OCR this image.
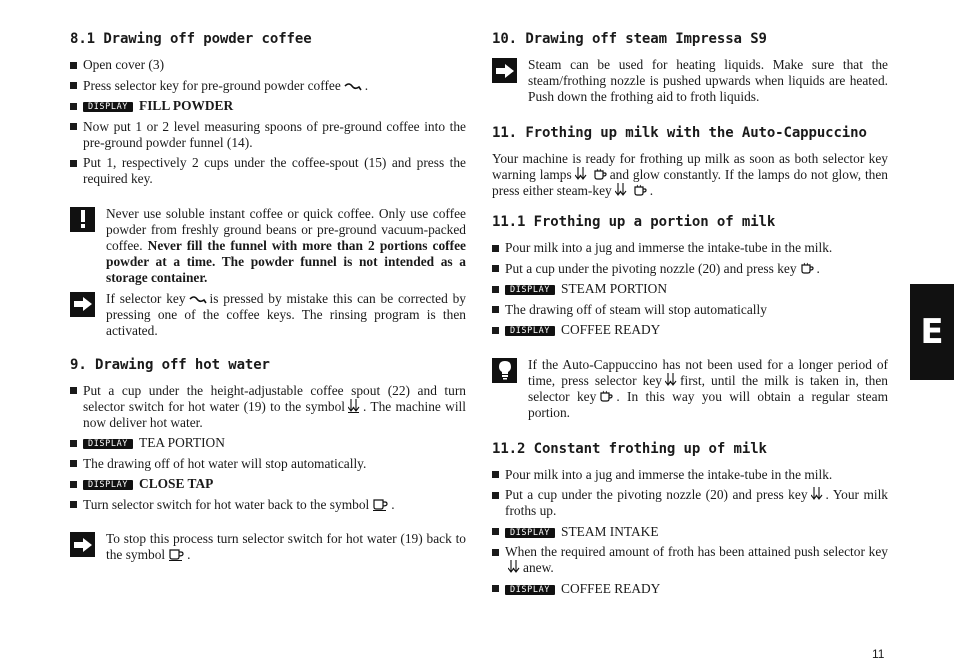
8.1 Drawing off powder coffee
Open cover (3)
Press selector key for pre-ground powder coffee .
DISPLAY FILL POWDER
Now put 1 or 2 level measuring spoons of pre-ground coffee into the pre-ground powder funnel (14).
Put 1, respectively 2 cups under the coffee-spout (15) and press the required key.
Never use soluble instant coffee or quick coffee. Only use coffee powder from freshly ground beans or pre-ground vacuum-packed coffee. Never fill the funnel with more than 2 portions coffee powder at a time. The powder funnel is not intended as a storage container.
If selector key is pressed by mistake this can be corrected by pressing one of the coffee keys. The rinsing program is then activated.
9. Drawing off hot water
Put a cup under the height-adjustable coffee spout (22) and turn selector switch for hot water (19) to the symbol . The machine will now deliver hot water.
DISPLAY TEA PORTION
The drawing off of hot water will stop automatically.
DISPLAY CLOSE TAP
Turn selector switch for hot water back to the symbol .
To stop this process turn selector switch for hot water (19) back to the symbol .
10. Drawing off steam Impressa S9
Steam can be used for heating liquids. Make sure that the steam/frothing nozzle is pushed upwards when liquids are heated. Push down the frothing aid to froth liquids.
11. Frothing up milk with the Auto-Cappuccino

Your machine is ready for frothing up milk as soon as both selector key warning lamps	and glow constantly. If the lamps do not glow, then press either steam-key	.

11.1 Frothing up a portion of milk
Pour milk into a jug and immerse the intake-tube in the milk.
Put a cup under the pivoting nozzle (20) and press key .
DISPLAY STEAM PORTION
The drawing off of steam will stop automatically
DISPLAY COFFEE READY
If the Auto-Cappuccino has not been used for a longer period of time, press selector key first, until the milk is taken in, then selector key . In this way you will obtain a regular steam portion.
11.2 Constant frothing up of milk
Pour milk into a jug and immerse the intake-tube in the milk.
Put a cup under the pivoting nozzle (20) and press key . Your milk froths up.
DISPLAY STEAM INTAKE
When the required amount of froth has been attained push selector keyanew.
DISPLAY COFFEE READY
E
11
